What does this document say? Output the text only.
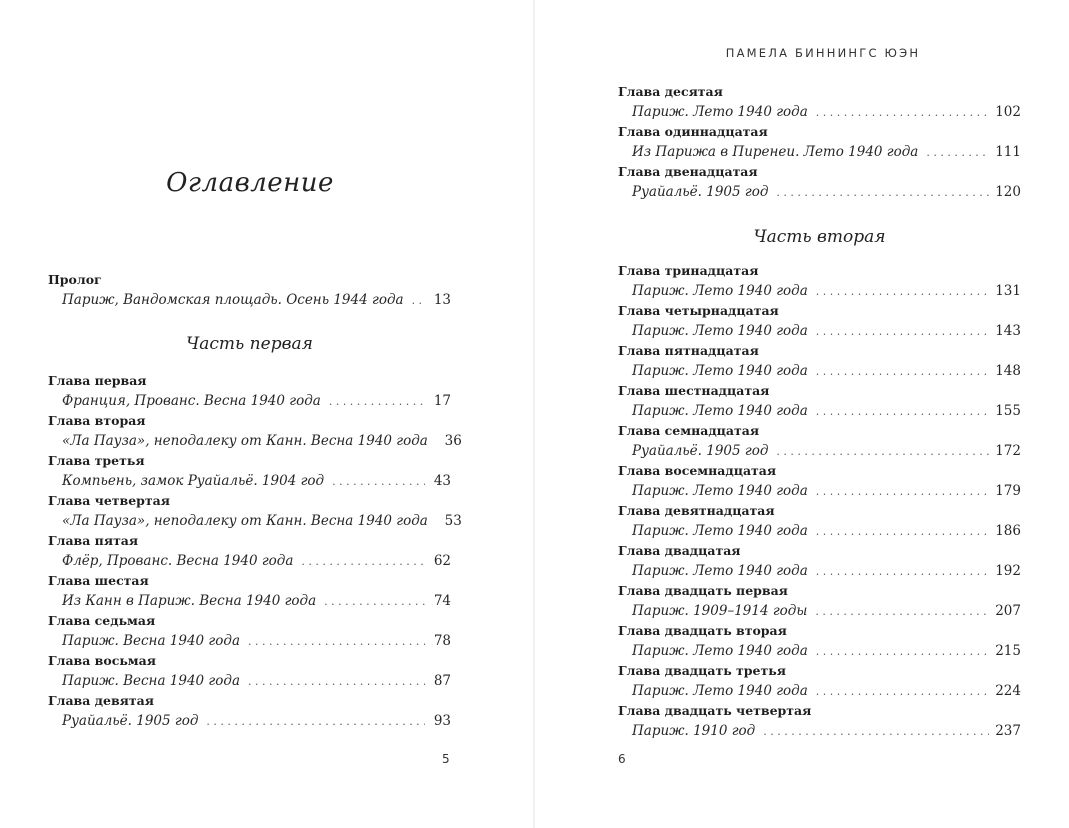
Оглавление
Пролог
Париж, Вандомская площадь. Осень 1944 года . . . 13
Часть первая
Глава первая
Франция, Прованс. Весна 1940 года . . .	17
Глава вторая
«Ла Пауза», неподалеку от Канн. Весна 1940 года 36
Глава третья
Компьень, замок Руайальё. 1904 год . . .	43
Глава четвертая
«Ла Пауза», неподалеку от Канн. Весна 1940 года 53
Глава пятая
Флёр, Прованс. Весна 1940 года . . .	62
Глава шестая
Из Канн в Париж. Весна 1940 года . . .	74
Глава седьмая
Париж. Весна 1940 года . . .	78
Глава восьмая
Париж. Весна 1940 года . . .	87
Глава девятая
Руайальё. 1905 год . . .	93
5
ПАМЕЛА БИННИНГС ЮЭН
Глава десятая
Париж. Лето 1940 года . . .	102
Глава одиннадцатая
Из Парижа в Пиренеи. Лето 1940 года . . .	111
Глава двенадцатая
Руайальё. 1905 год . . .	120
Часть вторая
Глава тринадцатая
Париж. Лето 1940 года . . .	131
Глава четырнадцатая
Париж. Лето 1940 года . . .	143
Глава пятнадцатая
Париж. Лето 1940 года . . .	148
Глава шестнадцатая
Париж. Лето 1940 года . . .	155
Глава семнадцатая
Руайальё. 1905 год . . .	172
Глава восемнадцатая
Париж. Лето 1940 года . . .	179
Глава девятнадцатая
Париж. Лето 1940 года . . .	186
Глава двадцатая
Париж. Лето 1940 года . . .	192
Глава двадцать первая
Париж. 1909–1914 годы . . .	207
Глава двадцать вторая
Париж. Лето 1940 года . . .	215
Глава двадцать третья
Париж. Лето 1940 года . . .	224
Глава двадцать четвертая
Париж. 1910 год . . .	237
6
